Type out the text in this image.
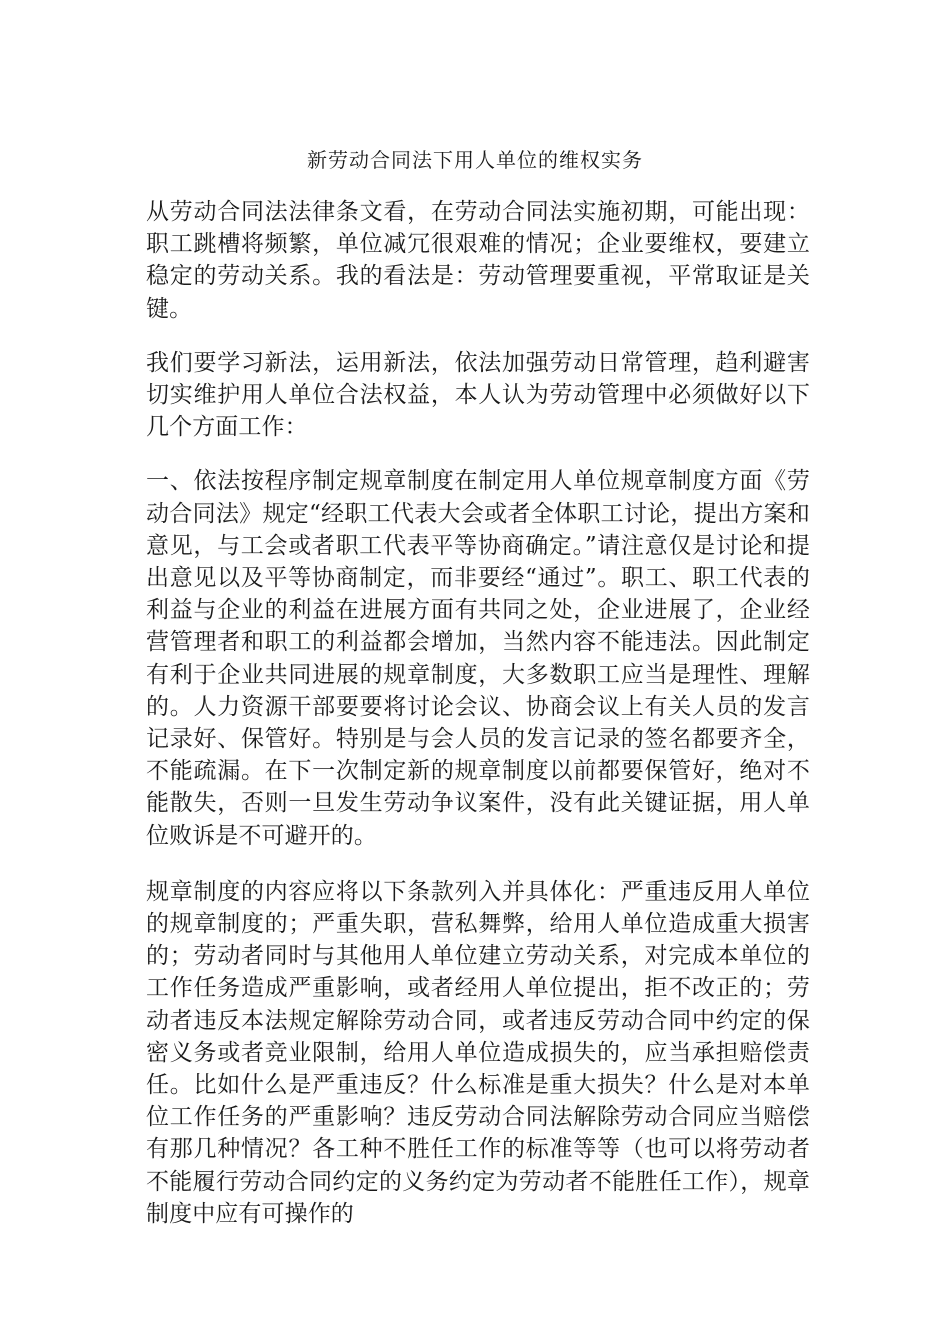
新劳动合同法下用人单位的维权实务

从劳动合同法法律条文看，在劳动合同法实施初期，可能出现：职工跳槽将频繁，单位减冗很艰难的情况；企业要维权，要建立稳定的劳动关系。我的看法是：劳动管理要重视，平常取证是关键。

我们要学习新法，运用新法，依法加强劳动日常管理，趋利避害切实维护用人单位合法权益，本人认为劳动管理中必须做好以下几个方面工作：

一、依法按程序制定规章制度在制定用人单位规章制度方面《劳动合同法》规定“经职工代表大会或者全体职工讨论，提出方案和意见，与工会或者职工代表平等协商确定。”请注意仅是讨论和提出意见以及平等协商制定，而非要经“通过”。职工、职工代表的利益与企业的利益在进展方面有共同之处，企业进展了，企业经营管理者和职工的利益都会增加，当然内容不能违法。因此制定有利于企业共同进展的规章制度，大多数职工应当是理性、理解的。人力资源干部要要将讨论会议、协商会议上有关人员的发言记录好、保管好。特别是与会人员的发言记录的签名都要齐全，不能疏漏。在下一次制定新的规章制度以前都要保管好，绝对不能散失，否则一旦发生劳动争议案件，没有此关键证据，用人单位败诉是不可避开的。

规章制度的内容应将以下条款列入并具体化：严重违反用人单位的规章制度的；严重失职，营私舞弊，给用人单位造成重大损害的；劳动者同时与其他用人单位建立劳动关系，对完成本单位的工作任务造成严重影响，或者经用人单位提出，拒不改正的；劳动者违反本法规定解除劳动合同，或者违反劳动合同中约定的保密义务或者竞业限制，给用人单位造成损失的，应当承担赔偿责任。比如什么是严重违反？什么标准是重大损失？什么是对本单位工作任务的严重影响？违反劳动合同法解除劳动合同应当赔偿有那几种情况？各工种不胜任工作的标准等等（也可以将劳动者不能履行劳动合同约定的义务约定为劳动者不能胜任工作），规章制度中应有可操作的
